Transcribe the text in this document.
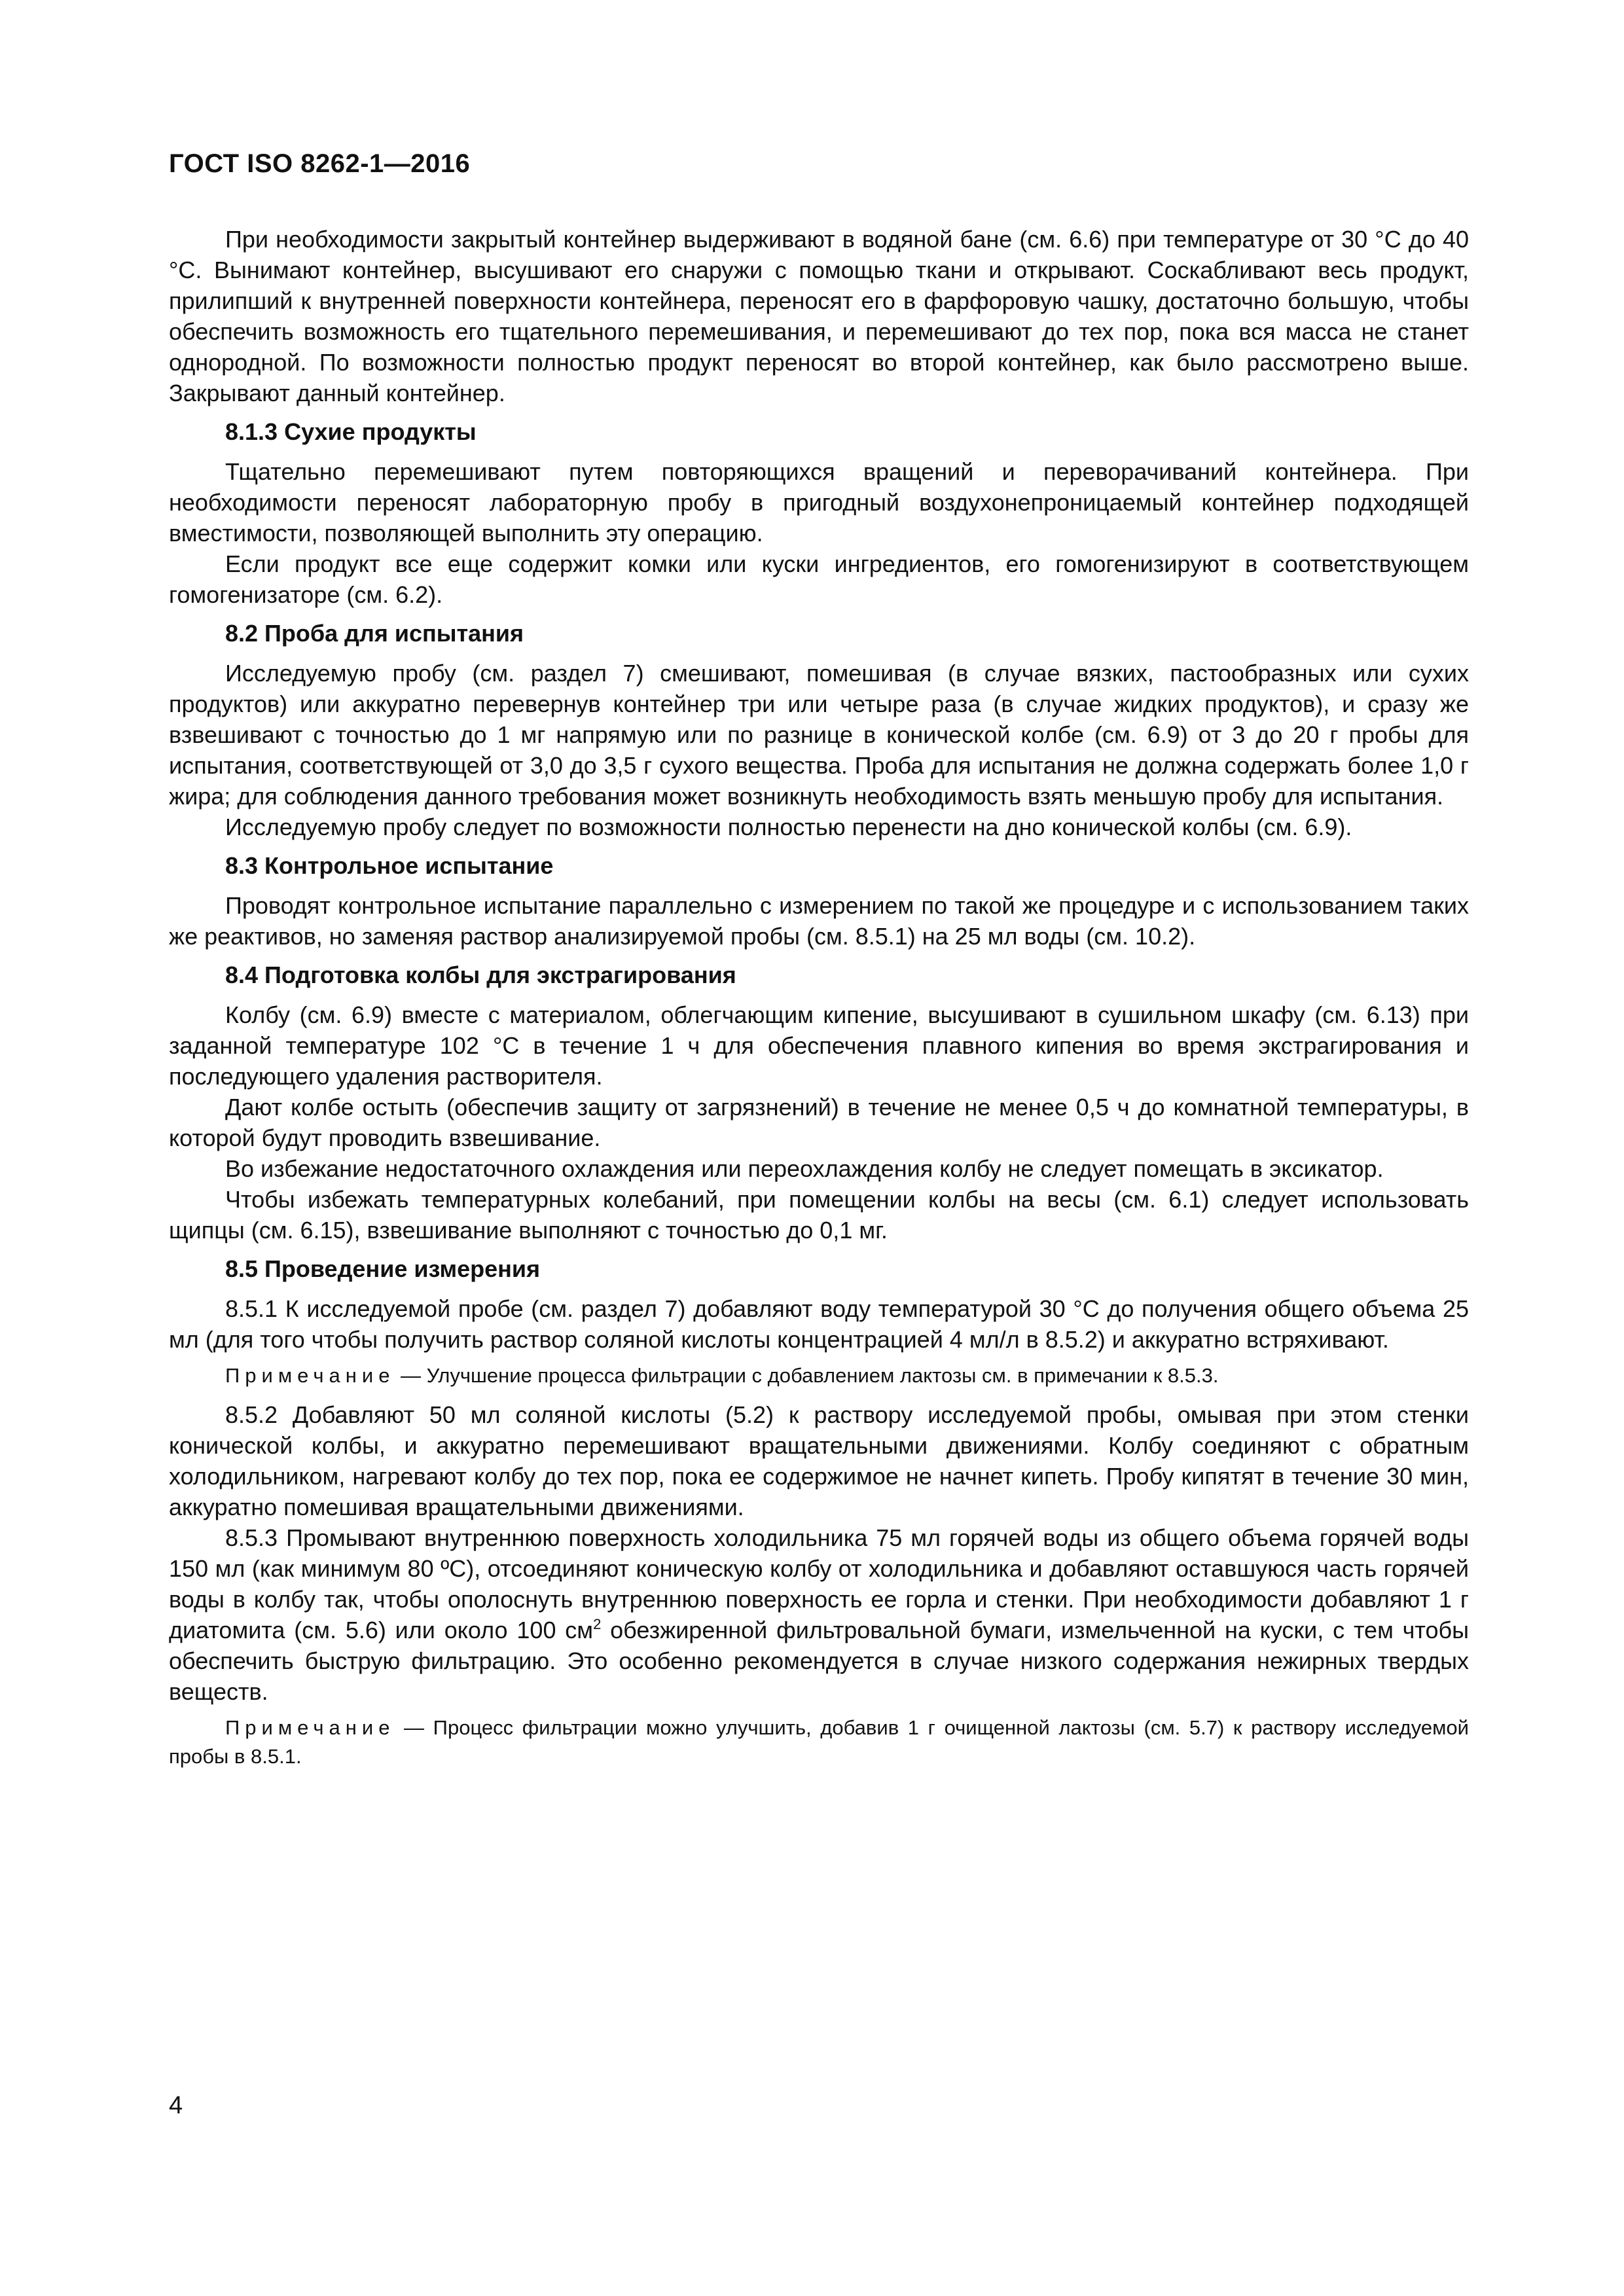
ГОСТ ISO 8262-1—2016

При необходимости закрытый контейнер выдерживают в водяной бане (см. 6.6) при температуре от 30 °С до 40 °С. Вынимают контейнер, высушивают его снаружи с помощью ткани и открывают. Соскабливают весь продукт, прилипший к внутренней поверхности контейнера, переносят его в фарфоровую чашку, достаточно большую, чтобы обеспечить возможность его тщательного перемешивания, и перемешивают до тех пор, пока вся масса не станет однородной. По возможности полностью продукт переносят во второй контейнер, как было рассмотрено выше. Закрывают данный контейнер.

8.1.3 Сухие продукты

Тщательно перемешивают путем повторяющихся вращений и переворачиваний контейнера. При необходимости переносят лабораторную пробу в пригодный воздухонепроницаемый контейнер подходящей вместимости, позволяющей выполнить эту операцию.

Если продукт все еще содержит комки или куски ингредиентов, его гомогенизируют в соответствующем гомогенизаторе (см. 6.2).

8.2 Проба для испытания

Исследуемую пробу (см. раздел 7) смешивают, помешивая (в случае вязких, пастообразных или сухих продуктов) или аккуратно перевернув контейнер три или четыре раза (в случае жидких продуктов), и сразу же взвешивают с точностью до 1 мг напрямую или по разнице в конической колбе (см. 6.9) от 3 до 20 г пробы для испытания, соответствующей от 3,0 до 3,5 г сухого вещества. Проба для испытания не должна содержать более 1,0 г жира; для соблюдения данного требования может возникнуть необходимость взять меньшую пробу для испытания.

Исследуемую пробу следует по возможности полностью перенести на дно конической колбы (см. 6.9).

8.3 Контрольное испытание

Проводят контрольное испытание параллельно с измерением по такой же процедуре и с использованием таких же реактивов, но заменяя раствор анализируемой пробы (см. 8.5.1) на 25 мл воды (см. 10.2).

8.4 Подготовка колбы для экстрагирования

Колбу (см. 6.9) вместе с материалом, облегчающим кипение, высушивают в сушильном шкафу (см. 6.13) при заданной температуре 102 °С в течение 1 ч для обеспечения плавного кипения во время экстрагирования и последующего удаления растворителя.

Дают колбе остыть (обеспечив защиту от загрязнений) в течение не менее 0,5 ч до комнатной температуры, в которой будут проводить взвешивание.

Во избежание недостаточного охлаждения или переохлаждения колбу не следует помещать в эксикатор.

Чтобы избежать температурных колебаний, при помещении колбы на весы (см. 6.1) следует использовать щипцы (см. 6.15), взвешивание выполняют с точностью до 0,1 мг.

8.5 Проведение измерения

8.5.1 К исследуемой пробе (см. раздел 7) добавляют воду температурой 30 °С до получения общего объема 25 мл (для того чтобы получить раствор соляной кислоты концентрацией 4 мл/л в 8.5.2) и аккуратно встряхивают.

Примечание — Улучшение процесса фильтрации с добавлением лактозы см. в примечании к 8.5.3.

8.5.2 Добавляют 50 мл соляной кислоты (5.2) к раствору исследуемой пробы, омывая при этом стенки конической колбы, и аккуратно перемешивают вращательными движениями. Колбу соединяют с обратным холодильником, нагревают колбу до тех пор, пока ее содержимое не начнет кипеть. Пробу кипятят в течение 30 мин, аккуратно помешивая вращательными движениями.

8.5.3 Промывают внутреннюю поверхность холодильника 75 мл горячей воды из общего объема горячей воды 150 мл (как минимум 80 ºС), отсоединяют коническую колбу от холодильника и добавляют оставшуюся часть горячей воды в колбу так, чтобы ополоснуть внутреннюю поверхность ее горла и стенки. При необходимости добавляют 1 г диатомита (см. 5.6) или около 100 $см^2$ обезжиренной фильтровальной бумаги, измельченной на куски, с тем чтобы обеспечить быструю фильтрацию. Это особенно рекомендуется в случае низкого содержания нежирных твердых веществ.

Примечание — Процесс фильтрации можно улучшить, добавив 1 г очищенной лактозы (см. 5.7) к раствору исследуемой пробы в 8.5.1.

4
